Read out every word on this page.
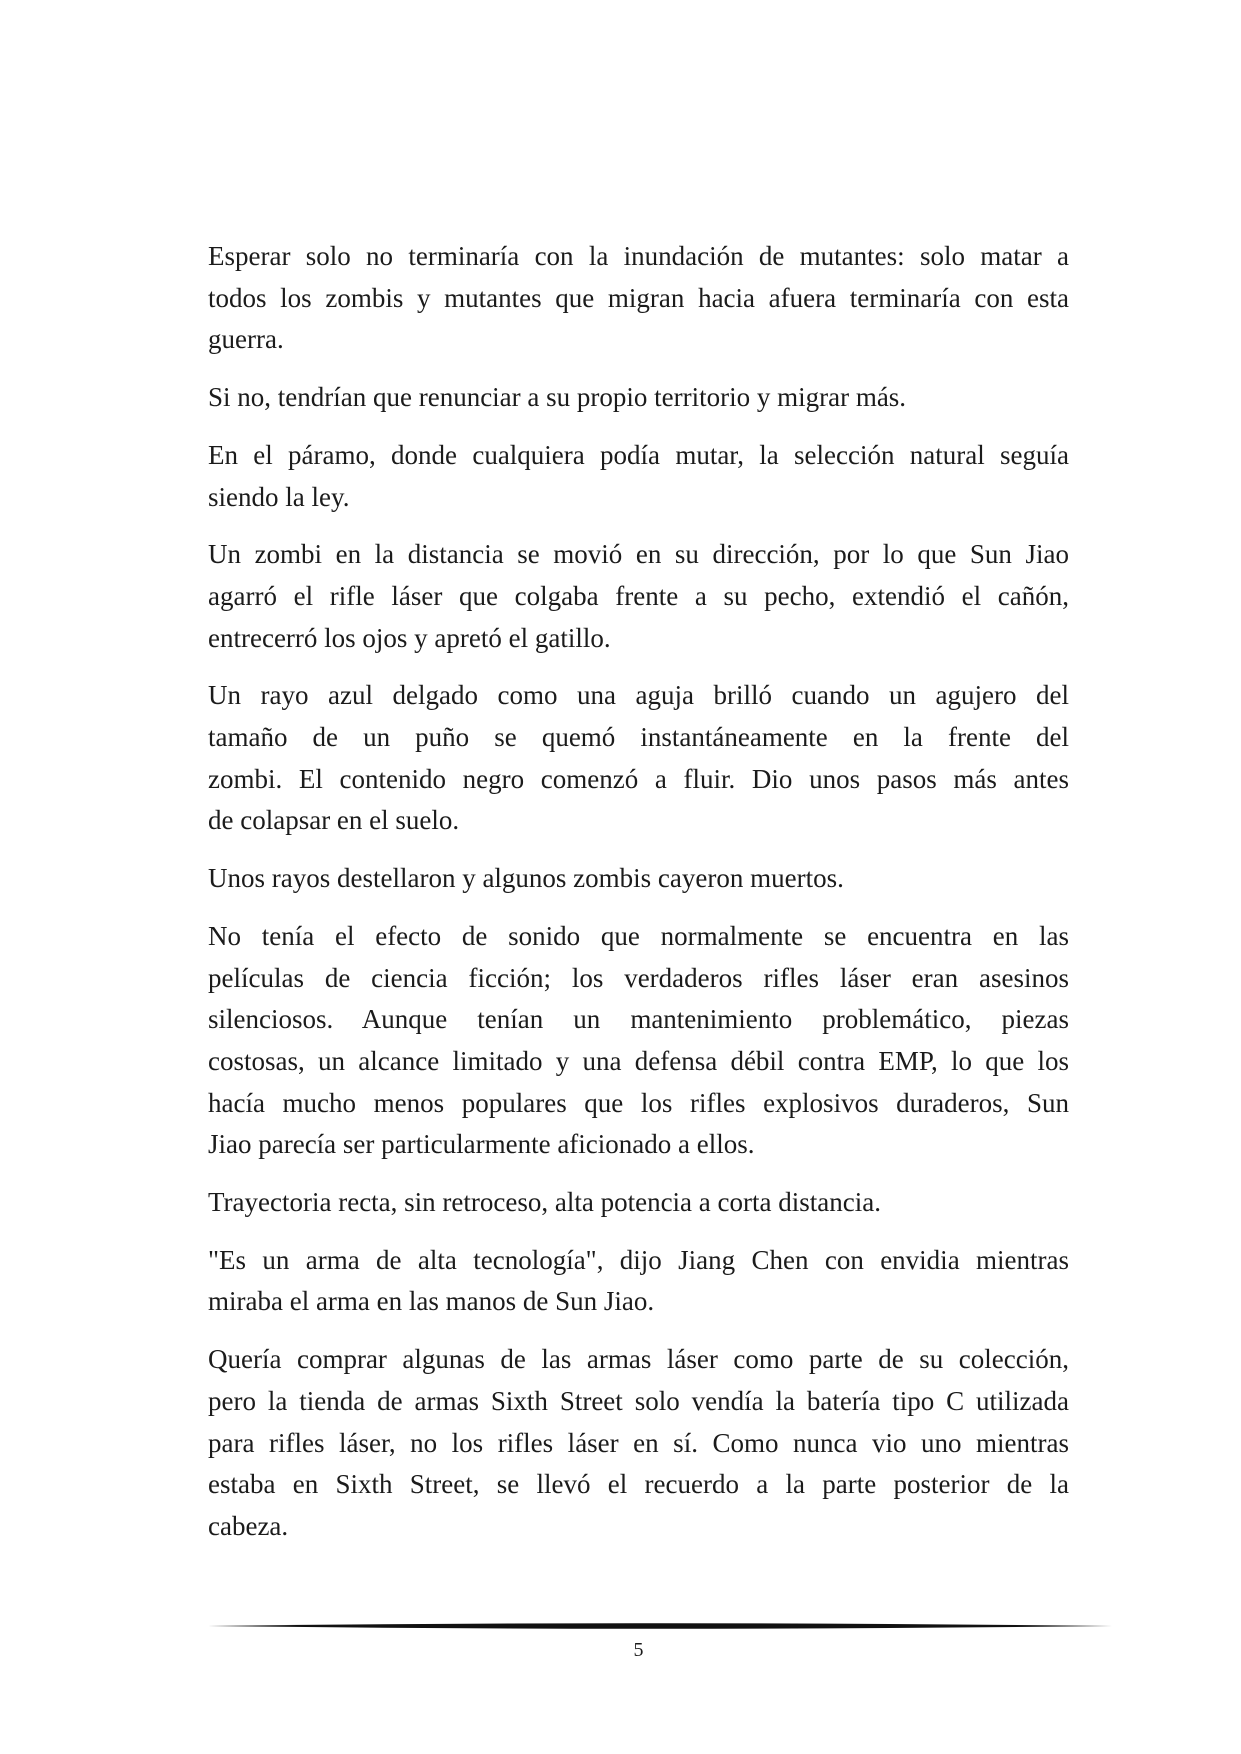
Esperar solo no terminaría con la inundación de mutantes: solo matar a
todos los zombis y mutantes que migran hacia afuera terminaría con esta
guerra.
Si no, tendrían que renunciar a su propio territorio y migrar más.
En el páramo, donde cualquiera podía mutar, la selección natural seguía
siendo la ley.
Un zombi en la distancia se movió en su dirección, por lo que Sun Jiao
agarró el rifle láser que colgaba frente a su pecho, extendió el cañón,
entrecerró los ojos y apretó el gatillo.
Un rayo azul delgado como una aguja brilló cuando un agujero del
tamaño de un puño se quemó instantáneamente en la frente del
zombi. El contenido negro comenzó a fluir. Dio unos pasos más antes
de colapsar en el suelo.
Unos rayos destellaron y algunos zombis cayeron muertos.
No tenía el efecto de sonido que normalmente se encuentra en las
películas de ciencia ficción; los verdaderos rifles láser eran asesinos
silenciosos. Aunque tenían un mantenimiento problemático, piezas
costosas, un alcance limitado y una defensa débil contra EMP, lo que los
hacía mucho menos populares que los rifles explosivos duraderos, Sun
Jiao parecía ser particularmente aficionado a ellos.
Trayectoria recta, sin retroceso, alta potencia a corta distancia.
"Es un arma de alta tecnología", dijo Jiang Chen con envidia mientras
miraba el arma en las manos de Sun Jiao.
Quería comprar algunas de las armas láser como parte de su colección,
pero la tienda de armas Sixth Street solo vendía la batería tipo C utilizada
para rifles láser, no los rifles láser en sí. Como nunca vio uno mientras
estaba en Sixth Street, se llevó el recuerdo a la parte posterior de la
cabeza.
5
